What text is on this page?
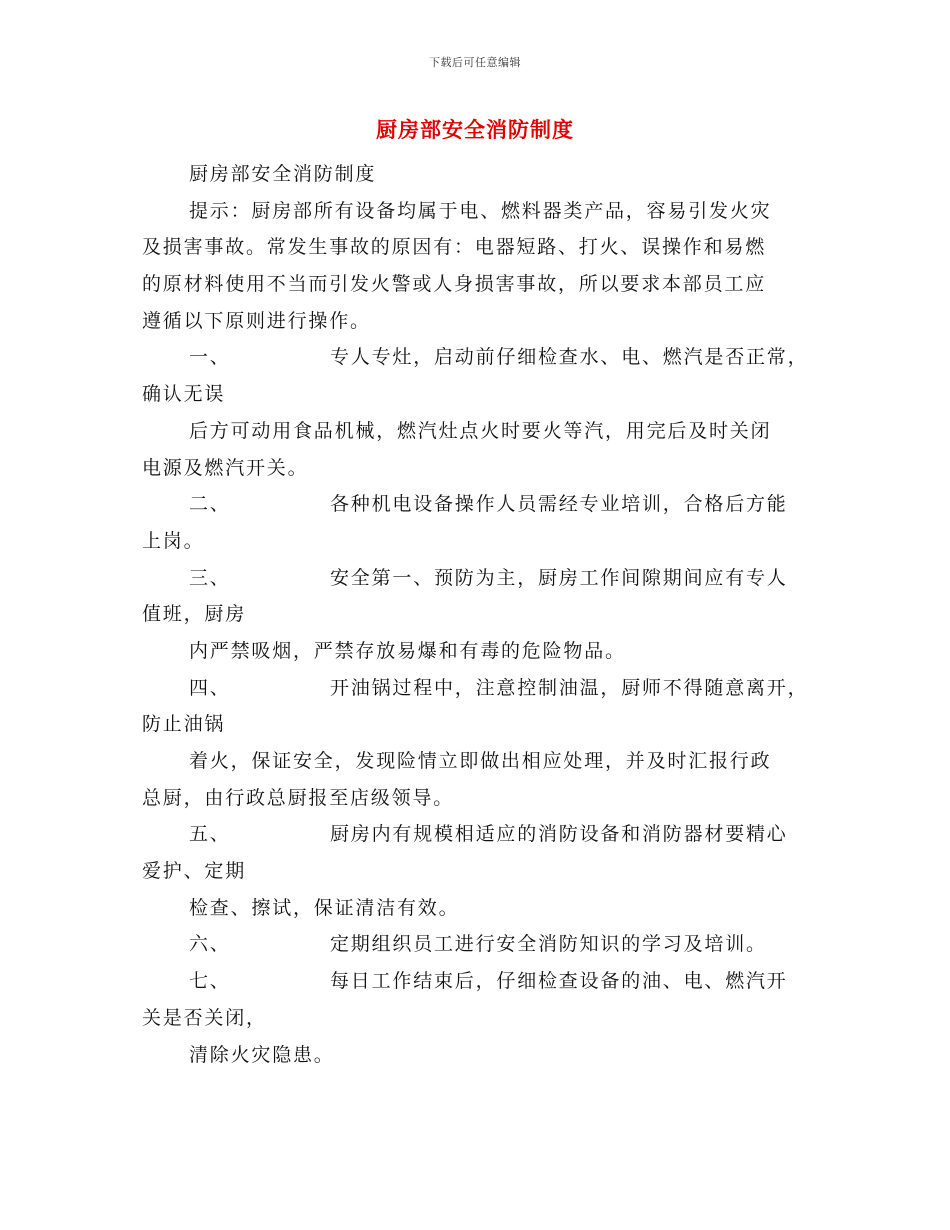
下载后可任意编辑
厨房部安全消防制度
厨房部安全消防制度
提示：厨房部所有设备均属于电、燃料器类产品，容易引发火灾
及损害事故。常发生事故的原因有：电器短路、打火、误操作和易燃
的原材料使用不当而引发火警或人身损害事故，所以要求本部员工应
遵循以下原则进行操作。
一、	专人专灶，启动前仔细检查水、电、燃汽是否正常，
确认无误
后方可动用食品机械，燃汽灶点火时要火等汽，用完后及时关闭
电源及燃汽开关。
二、	各种机电设备操作人员需经专业培训，合格后方能
上岗。
三、	安全第一、预防为主，厨房工作间隙期间应有专人
值班，厨房
内严禁吸烟，严禁存放易爆和有毒的危险物品。
四、	开油锅过程中，注意控制油温，厨师不得随意离开，
防止油锅
着火，保证安全，发现险情立即做出相应处理，并及时汇报行政
总厨，由行政总厨报至店级领导。
五、	厨房内有规模相适应的消防设备和消防器材要精心
爱护、定期
检查、擦试，保证清洁有效。
六、	定期组织员工进行安全消防知识的学习及培训。
七、	每日工作结束后，仔细检查设备的油、电、燃汽开
关是否关闭，
清除火灾隐患。
